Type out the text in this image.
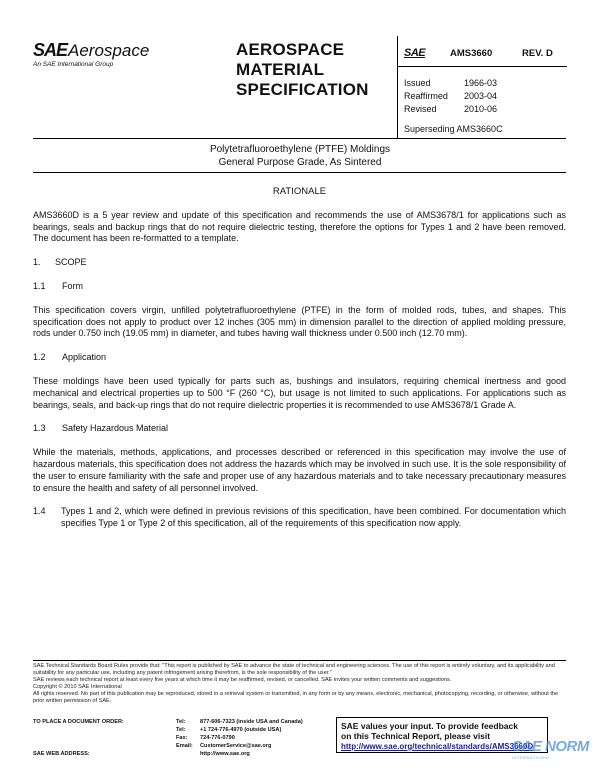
SAE Aerospace
An SAE International Group
AEROSPACE
MATERIAL
SPECIFICATION
SAE	AMS3660	REV. D
Issued	1966-03
Reaffirmed	2003-04
Revised	2010-06
Superseding AMS3660C
Polytetrafluoroethylene (PTFE) Moldings
General Purpose Grade, As Sintered
RATIONALE

AMS3660D is a 5 year review and update of this specification and recommends the use of AMS3678/1 for applications such as bearings, seals and backup rings that do not require dielectric testing, therefore the options for Types 1 and 2 have been removed. The document has been re-formatted to a template.

1.	SCOPE
1.1	Form

This specification covers virgin, unfilled polytetrafluoroethylene (PTFE) in the form of molded rods, tubes, and shapes. This specification does not apply to product over 12 inches (305 mm) in dimension parallel to the direction of applied molding pressure, rods under 0.750 inch (19.05 mm) in diameter, and tubes having wall thickness under 0.500 inch (12.70 mm).

1.2	Application

These moldings have been used typically for parts such as, bushings and insulators, requiring chemical inertness and good mechanical and electrical properties up to 500 °F (260 °C), but usage is not limited to such applications. For applications such as bearings, seals, and back-up rings that do not require dielectric properties it is recommended to use AMS3678/1 Grade A.

1.3	Safety Hazardous Material

While the materials, methods, applications, and processes described or referenced in this specification may involve the use of hazardous materials, this specification does not address the hazards which may be involved in such use. It is the sole responsibility of the user to ensure familiarity with the safe and proper use of any hazardous materials and to take necessary precautionary measures to ensure the health and safety of all personnel involved.

1.4	Types 1 and 2, which were defined in previous revisions of this specification, have been combined. For documentation which specifies Type 1 or Type 2 of this specification, all of the requirements of this specification now apply.

SAE Technical Standards Board Rules provide that: "This report is published by SAE to advance the state of technical and engineering sciences. The use of this report is entirely voluntary, and its applicability and suitability for any particular use, including any patent infringement arising therefrom, is the sole responsibility of the user."
SAE reviews each technical report at least every five years at which time it may be reaffirmed, revised, or cancelled. SAE invites your written comments and suggestions.
Copyright © 2010 SAE International
All rights reserved. No part of this publication may be reproduced, stored in a retrieval system or transmitted, in any form or by any means, electronic, mechanical, photocopying, recording, or otherwise, without the prior written permission of SAE.
TO PLACE A DOCUMENT ORDER:	Tel:	877-606-7323 (inside USA and Canada)
Tel:	+1 724-776-4970 (outside USA)
Fax:	724-776-0790
Email:	CustomerService@sae.org
SAE WEB ADDRESS:	http://www.sae.org
SAE values your input. To provide feedback
on this Technical Report, please visit
http://www.sae.org/technical/standards/AMS3660D
SAE NORM
INTERNATIONAL
